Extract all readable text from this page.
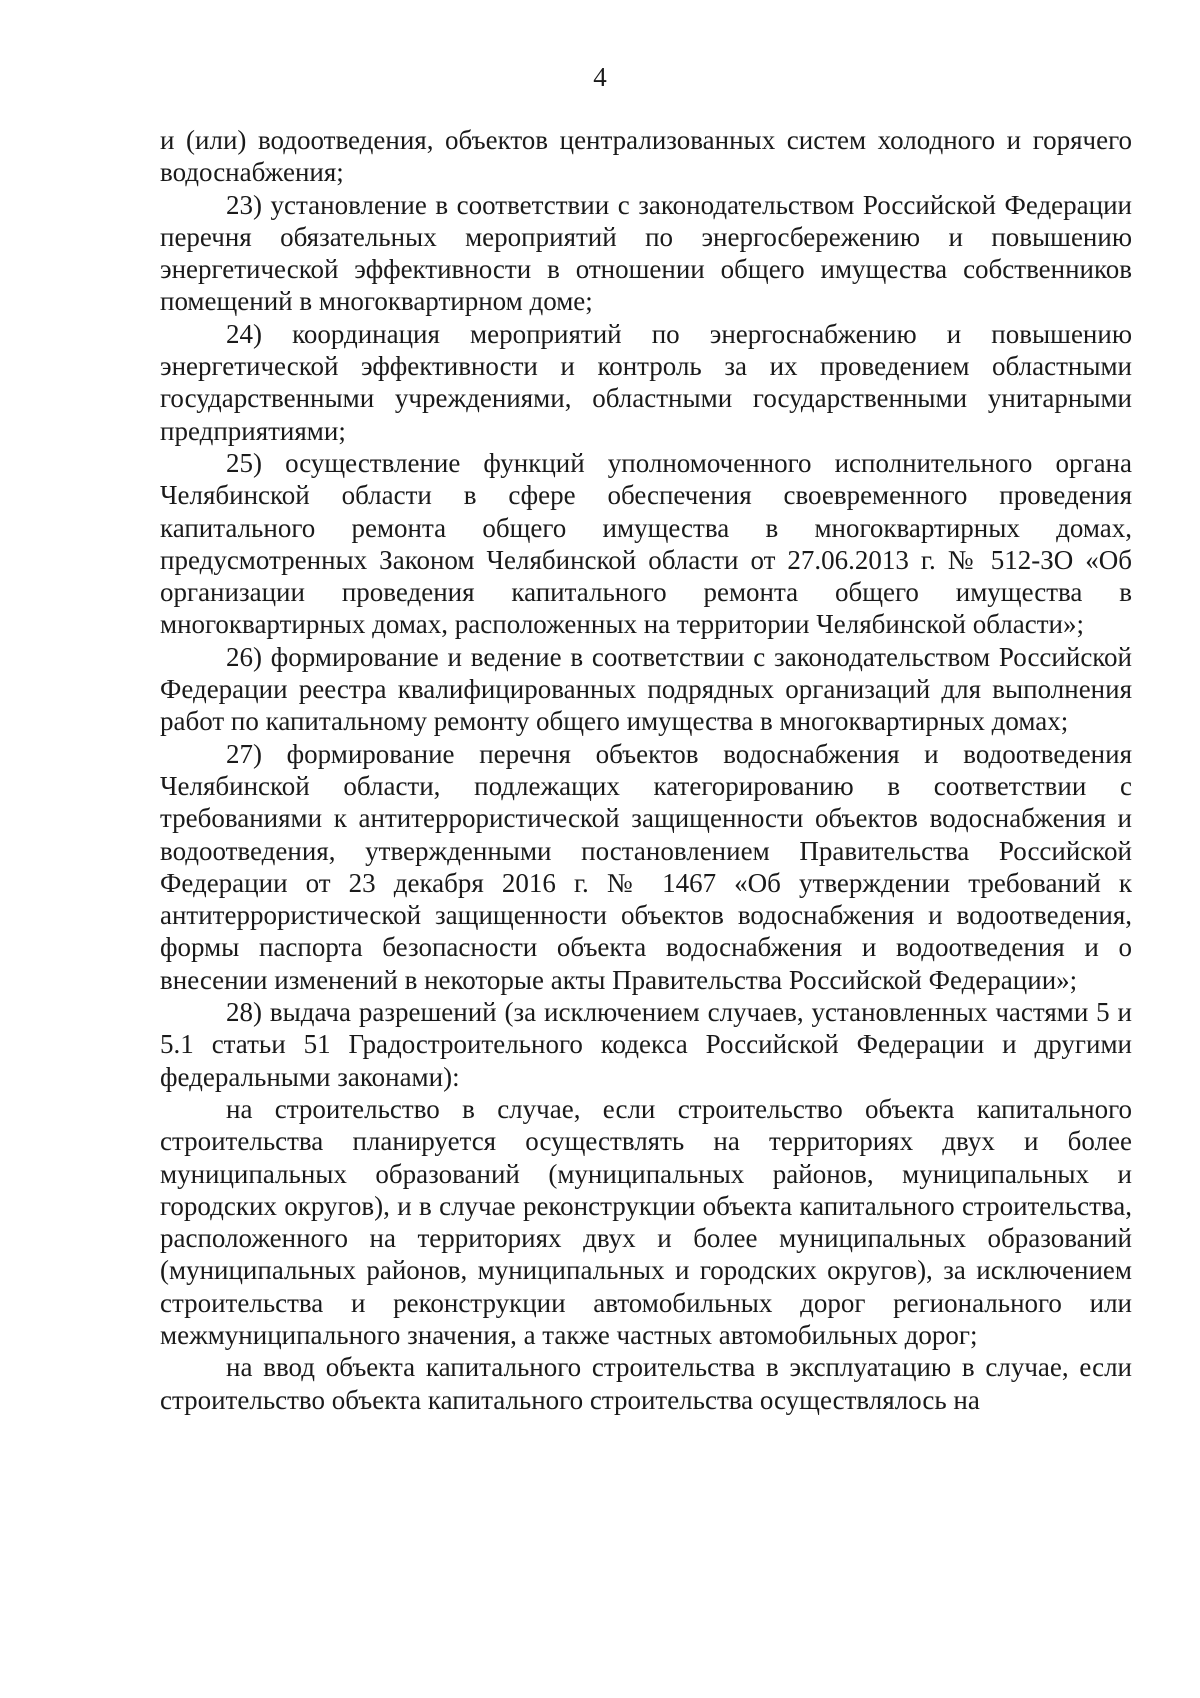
4

и (или) водоотведения, объектов централизованных систем холодного и горячего водоснабжения;

23) установление в соответствии с законодательством Российской Федерации перечня обязательных мероприятий по энергосбережению и повышению энергетической эффективности в отношении общего имущества собственников помещений в многоквартирном доме;

24) координация мероприятий по энергоснабжению и повышению энергетической эффективности и контроль за их проведением областными государственными учреждениями, областными государственными унитарными предприятиями;

25) осуществление функций уполномоченного исполнительного органа Челябинской области в сфере обеспечения своевременного проведения капитального ремонта общего имущества в многоквартирных домах, предусмотренных Законом Челябинской области от 27.06.2013 г. № 512-ЗО «Об организации проведения капитального ремонта общего имущества в многоквартирных домах, расположенных на территории Челябинской области»;

26) формирование и ведение в соответствии с законодательством Российской Федерации реестра квалифицированных подрядных организаций для выполнения работ по капитальному ремонту общего имущества в многоквартирных домах;

27) формирование перечня объектов водоснабжения и водоотведения Челябинской области, подлежащих категорированию в соответствии с требованиями к антитеррористической защищенности объектов водоснабжения и водоотведения, утвержденными постановлением Правительства Российской Федерации от 23 декабря 2016 г. № 1467 «Об утверждении требований к антитеррористической защищенности объектов водоснабжения и водоотведения, формы паспорта безопасности объекта водоснабжения и водоотведения и о внесении изменений в некоторые акты Правительства Российской Федерации»;

28) выдача разрешений (за исключением случаев, установленных частями 5 и 5.1 статьи 51 Градостроительного кодекса Российской Федерации и другими федеральными законами):

на строительство в случае, если строительство объекта капитального строительства планируется осуществлять на территориях двух и более муниципальных образований (муниципальных районов, муниципальных и городских округов), и в случае реконструкции объекта капитального строительства, расположенного на территориях двух и более муниципальных образований (муниципальных районов, муниципальных и городских округов), за исключением строительства и реконструкции автомобильных дорог регионального или межмуниципального значения, а также частных автомобильных дорог;

на ввод объекта капитального строительства в эксплуатацию в случае, если строительство объекта капитального строительства осуществлялось на
